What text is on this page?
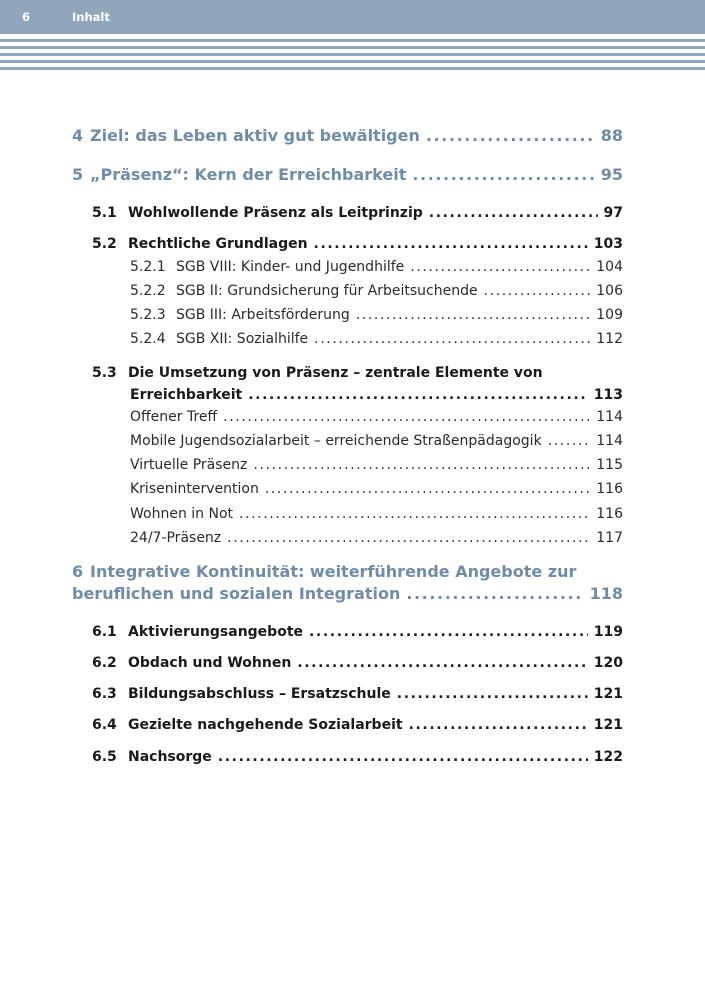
6	Inhalt
4 Ziel: das Leben aktiv gut bewältigen .....	88
5 „Präsenz“: Kern der Erreichbarkeit .....	95
5.1 Wohlwollende Präsenz als Leitprinzip .....	97
5.2 Rechtliche Grundlagen .....	103
5.2.1 SGB VIII: Kinder- und Jugendhilfe .....	104
5.2.2 SGB II: Grundsicherung für Arbeitsuchende .....	106
5.2.3 SGB III: Arbeitsförderung .....	109
5.2.4 SGB XII: Sozialhilfe .....	112
5.3 Die Umsetzung von Präsenz – zentrale Elemente von
Erreichbarkeit .....	113
Offener Treff .....	114
Mobile Jugendsozialarbeit – erreichende Straßenpädagogik .....	114
Virtuelle Präsenz .....	115
Krisenintervention .....	116
Wohnen in Not .....	116
24/7-Präsenz .....	117
6 Integrative Kontinuität: weiterführende Angebote zur
beruflichen und sozialen Integration .....	118
6.1 Aktivierungsangebote .....	119
6.2 Obdach und Wohnen .....	120
6.3 Bildungsabschluss – Ersatzschule .....	121
6.4 Gezielte nachgehende Sozialarbeit .....	121
6.5 Nachsorge .....	122
